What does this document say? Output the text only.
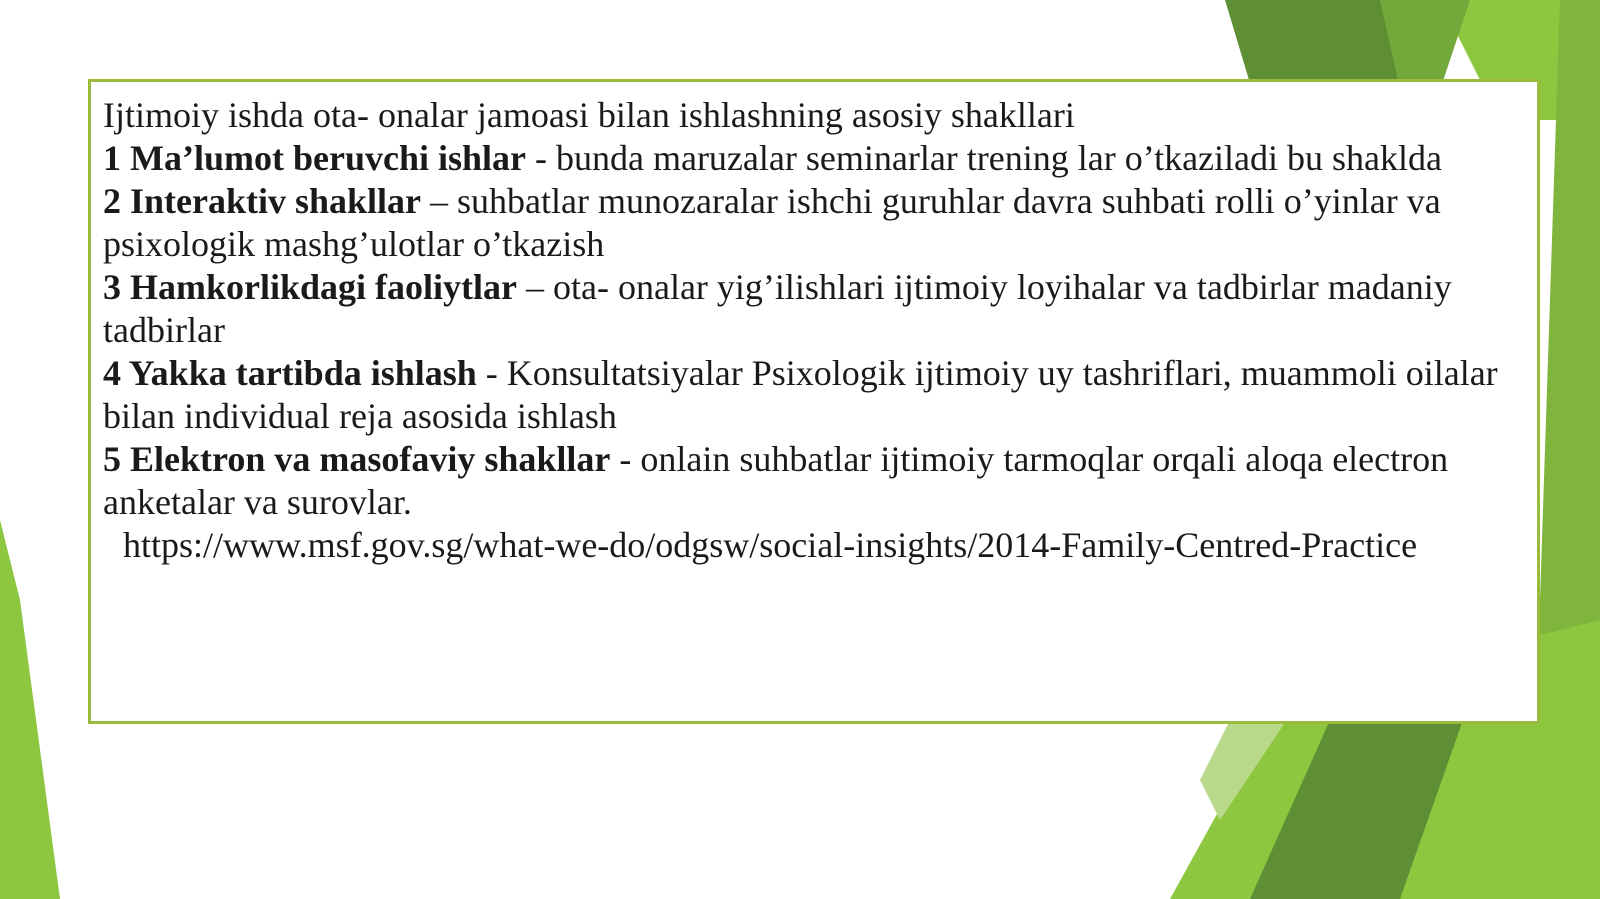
Ijtimoiy ishda ota- onalar jamoasi bilan ishlashning asosiy shakllari

1 Ma’lumot beruvchi ishlar - bunda maruzalar seminarlar trening lar o’tkaziladi bu shaklda

2 Interaktiv shakllar – suhbatlar munozaralar ishchi guruhlar davra suhbati rolli o’yinlar va psixologik mashg’ulotlar o’tkazish

3 Hamkorlikdagi faoliytlar – ota- onalar yig’ilishlari ijtimoiy loyihalar va tadbirlar madaniy tadbirlar

4 Yakka tartibda ishlash - Konsultatsiyalar Psixologik ijtimoiy uy tashriflari, muammoli oilalar bilan individual reja asosida ishlash

5 Elektron va masofaviy shakllar - onlain suhbatlar ijtimoiy tarmoqlar orqali aloqa electron anketalar va surovlar.

https://www.msf.gov.sg/what-we-do/odgsw/social-insights/2014-Family-Centred-Practice
